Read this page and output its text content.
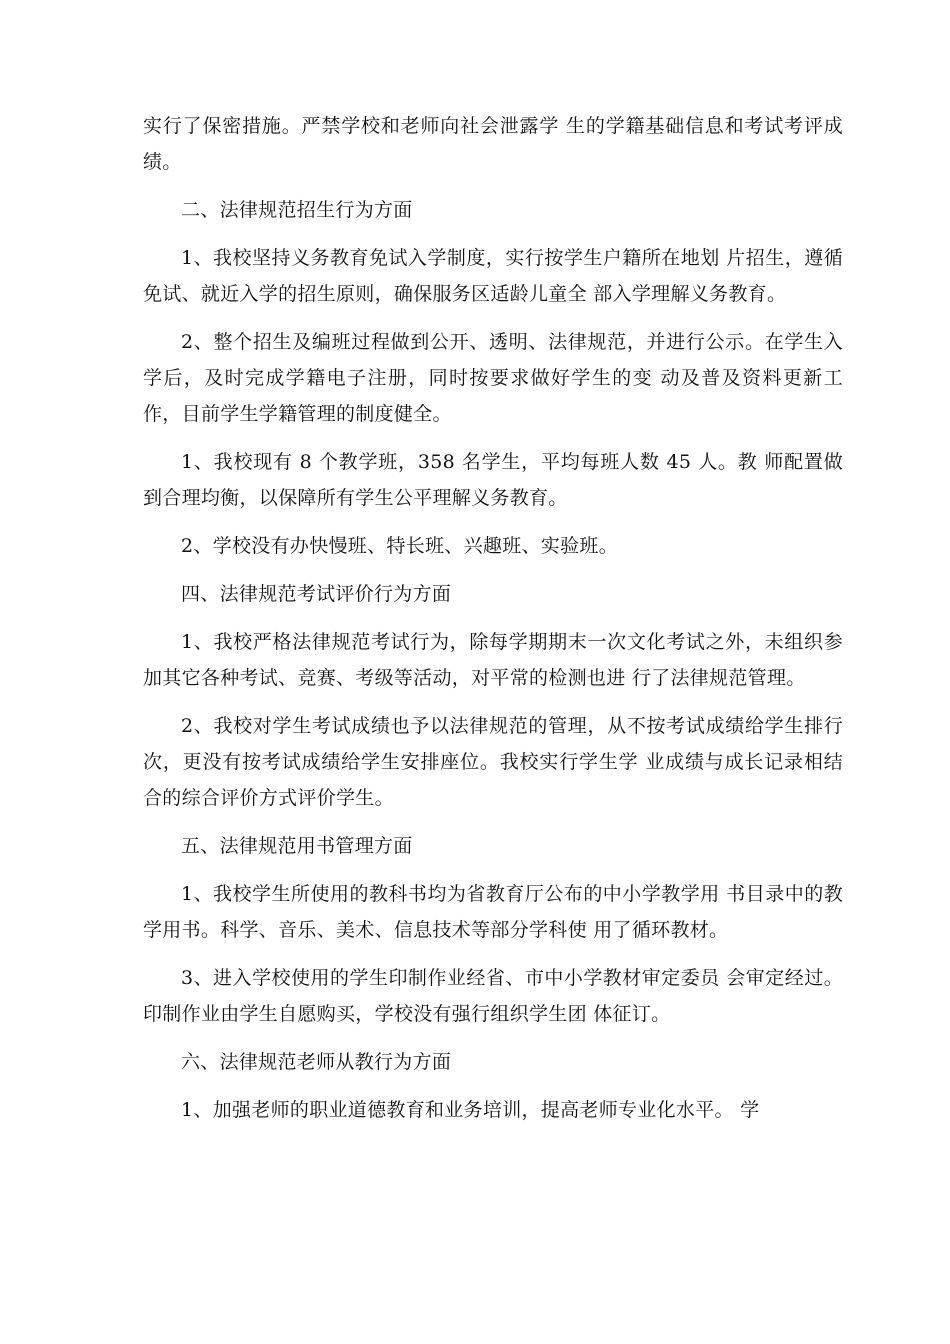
实行了保密措施。严禁学校和老师向社会泄露学 生的学籍基础信息和考试考评成绩。

二、法律规范招生行为方面

1、我校坚持义务教育免试入学制度，实行按学生户籍所在地划 片招生，遵循免试、就近入学的招生原则，确保服务区适龄儿童全 部入学理解义务教育。

2、整个招生及编班过程做到公开、透明、法律规范，并进行公示。在学生入学后，及时完成学籍电子注册，同时按要求做好学生的变 动及普及资料更新工作，目前学生学籍管理的制度健全。

1、我校现有 8 个教学班，358 名学生，平均每班人数 45 人。教 师配置做到合理均衡，以保障所有学生公平理解义务教育。

2、学校没有办快慢班、特长班、兴趣班、实验班。

四、法律规范考试评价行为方面

1、我校严格法律规范考试行为，除每学期期末一次文化考试之外，未组织参加其它各种考试、竞赛、考级等活动，对平常的检测也进 行了法律规范管理。

2、我校对学生考试成绩也予以法律规范的管理，从不按考试成绩给学生排行次，更没有按考试成绩给学生安排座位。我校实行学生学 业成绩与成长记录相结合的综合评价方式评价学生。

五、法律规范用书管理方面

1、我校学生所使用的教科书均为省教育厅公布的中小学教学用 书目录中的教学用书。科学、音乐、美术、信息技术等部分学科使 用了循环教材。

3、进入学校使用的学生印制作业经省、市中小学教材审定委员 会审定经过。印制作业由学生自愿购买，学校没有强行组织学生团 体征订。

六、法律规范老师从教行为方面

1、加强老师的职业道德教育和业务培训，提高老师专业化水平。 学
